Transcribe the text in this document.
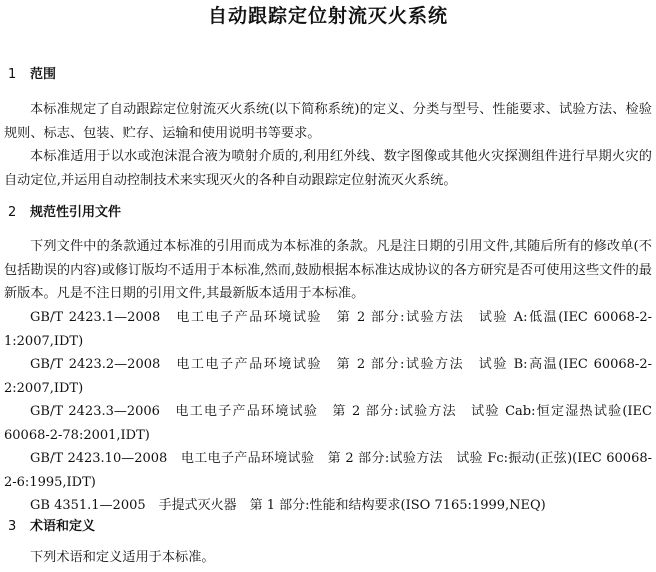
自动跟踪定位射流灭火系统
1 范围

本标准规定了自动跟踪定位射流灭火系统(以下简称系统)的定义、分类与型号、性能要求、试验方法、检验规则、标志、包装、贮存、运输和使用说明书等要求。

本标准适用于以水或泡沫混合液为喷射介质的,利用红外线、数字图像或其他火灾探测组件进行早期火灾的自动定位,并运用自动控制技术来实现灭火的各种自动跟踪定位射流灭火系统。

2 规范性引用文件

下列文件中的条款通过本标准的引用而成为本标准的条款。凡是注日期的引用文件,其随后所有的修改单(不包括勘误的内容)或修订版均不适用于本标准,然而,鼓励根据本标准达成协议的各方研究是否可使用这些文件的最新版本。凡是不注日期的引用文件,其最新版本适用于本标准。

GB/T 2423.1—2008　电工电子产品环境试验　第 2 部分:试验方法　试验 A:低温(IEC 60068-2-1:2007,IDT)
GB/T 2423.2—2008　电工电子产品环境试验　第 2 部分:试验方法　试验 B:高温(IEC 60068-2-2:2007,IDT)
GB/T 2423.3—2006　电工电子产品环境试验　第 2 部分:试验方法　试验 Cab:恒定湿热试验(IEC 60068-2-78:2001,IDT)
GB/T 2423.10—2008　电工电子产品环境试验　第 2 部分:试验方法　试验 Fc:振动(正弦)(IEC 60068-2-6:1995,IDT)
GB 4351.1—2005　手提式灭火器　第 1 部分:性能和结构要求(ISO 7165:1999,NEQ)
3 术语和定义

下列术语和定义适用于本标准。
